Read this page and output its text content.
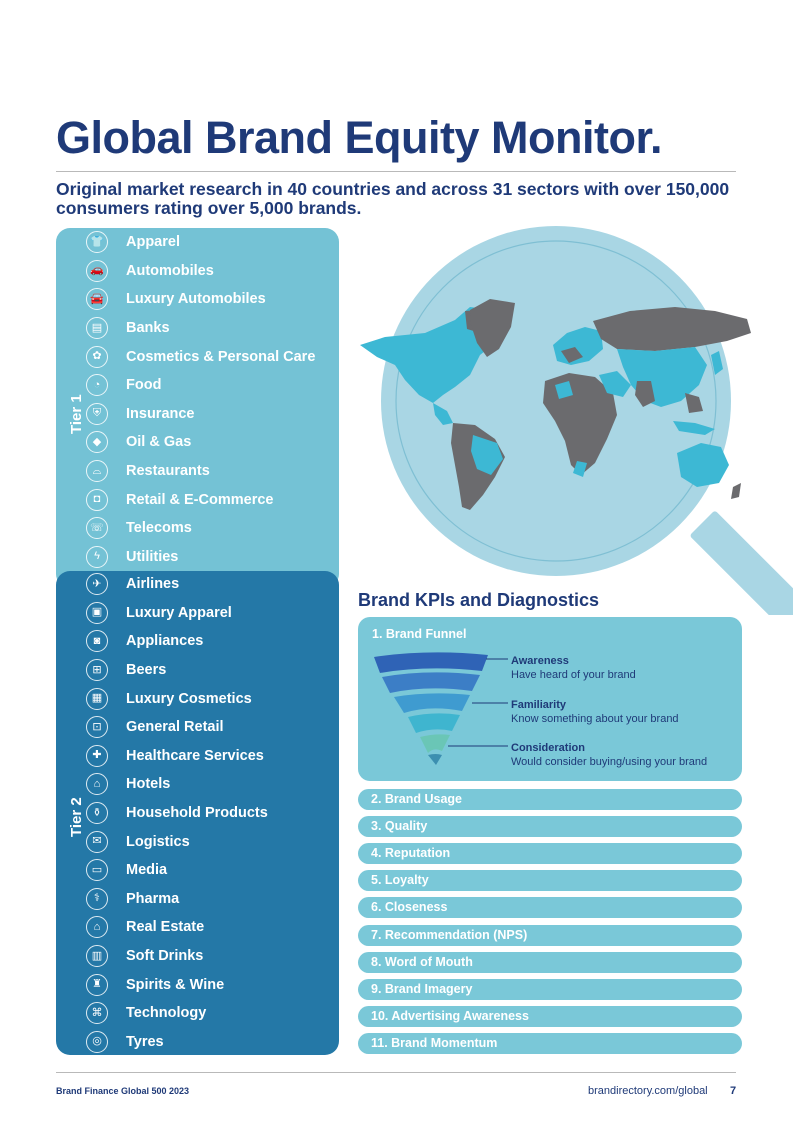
Global Brand Equity Monitor.
Original market research in 40 countries and across 31 sectors with over 150,000 consumers rating over 5,000 brands.
Tier 1
👕 Apparel
🚗 Automobiles
🚘 Luxury Automobiles
▤	Banks
✿	Cosmetics & Personal Care
◔	Food
⛨	Insurance
◆	Oil & Gas
⌓	Restaurants
◘	Retail & E-Commerce
☏ Telecoms
ϟ	Utilities
Tier 2
✈	Airlines
▣	Luxury Apparel
◙	Appliances
⊞	Beers
▦	Luxury Cosmetics
⊡	General Retail
✚	Healthcare Services
⌂	Hotels
⚱	Household Products
✉	Logistics
▭	Media
⚕	Pharma
⌂	Real Estate
▥	Soft Drinks
♜	Spirits & Wine
⌘	Technology
◎	Tyres
Brand KPIs and Diagnostics
1. Brand Funnel
Awareness
Have heard of your brand
Familiarity
Know something about your brand
Consideration
Would consider buying/using your brand
2. Brand Usage
3. Quality
4. Reputation
5. Loyalty
6. Closeness
7. Recommendation (NPS)
8. Word of Mouth
9. Brand Imagery
10. Advertising Awareness
11. Brand Momentum
Brand Finance Global 500 2023	brandirectory.com/global 7
